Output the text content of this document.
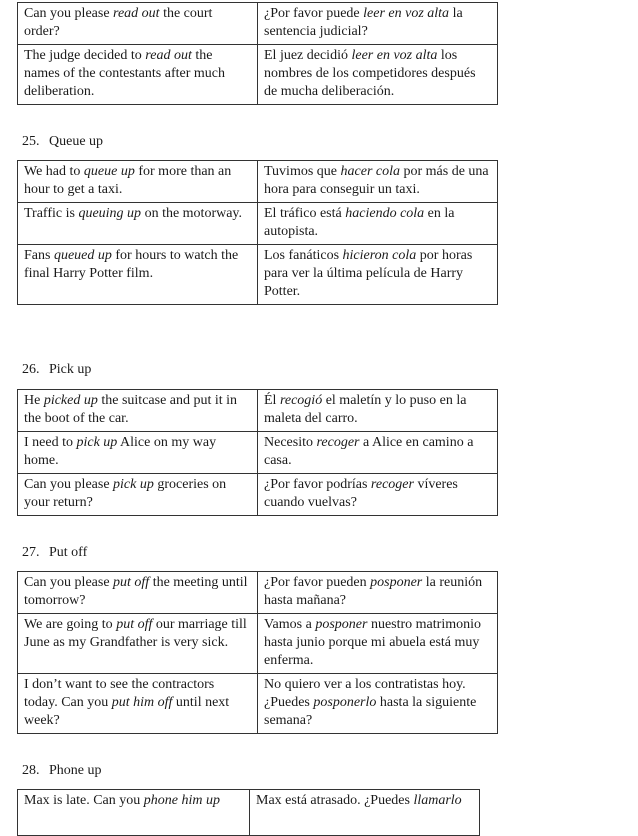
Can you please read out the court order?	¿Por favor puede leer en voz alta la sentencia judicial?
The judge decided to read out the names of the contestants after much deliberation.	El juez decidió leer en voz alta los nombres de los competidores después de mucha deliberación.
25. Queue up
We had to queue up for more than an hour to get a taxi.	Tuvimos que hacer cola por más de una hora para conseguir un taxi.
Traffic is queuing up on the motorway.	El tráfico está haciendo cola en la autopista.
Fans queued up for hours to watch the final Harry Potter film.	Los fanáticos hicieron cola por horas para ver la última película de Harry Potter.
26. Pick up
He picked up the suitcase and put it in the boot of the car.	Él recogió el maletín y lo puso en la maleta del carro.
I need to pick up Alice on my way home.	Necesito recoger a Alice en camino a casa.
Can you please pick up groceries on your return?	¿Por favor podrías recoger víveres cuando vuelvas?
27. Put off
Can you please put off the meeting until tomorrow?	¿Por favor pueden posponer la reunión hasta mañana?
We are going to put off our marriage till June as my Grandfather is very sick.	Vamos a posponer nuestro matrimonio hasta junio porque mi abuela está muy enferma.
I don’t want to see the contractors today. Can you put him off until next week?	No quiero ver a los contratistas hoy. ¿Puedes posponerlo hasta la siguiente semana?
28. Phone up
Max is late. Can you phone him up	Max está atrasado. ¿Puedes llamarlo
